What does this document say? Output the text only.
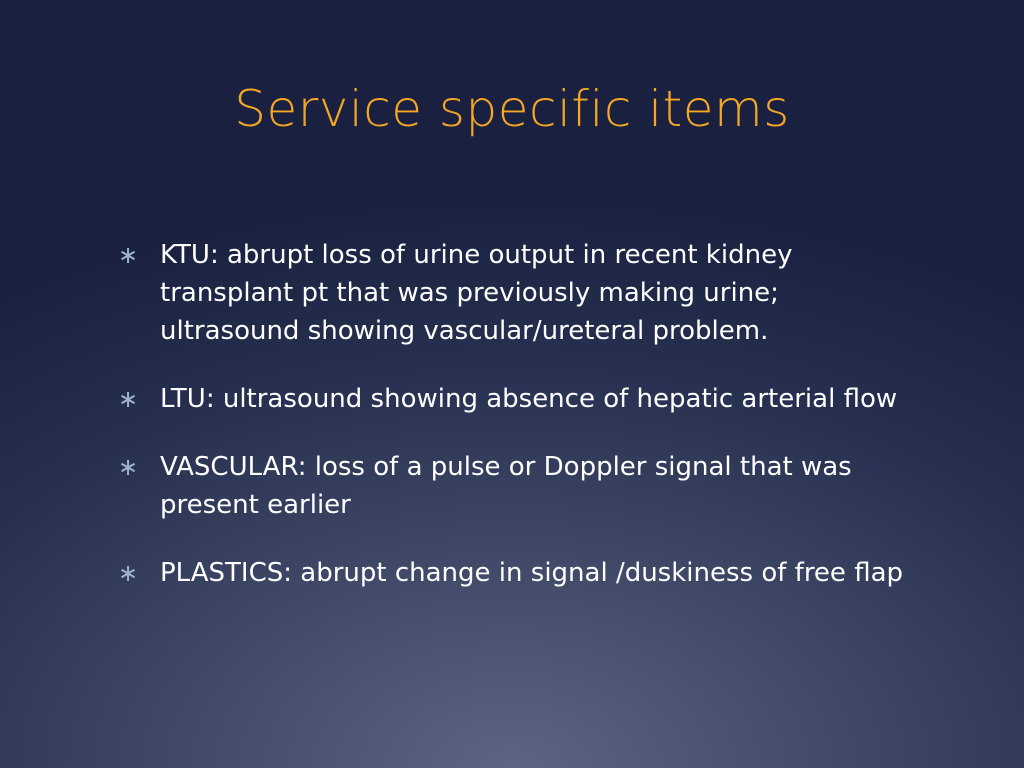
Service specific items
∗ KTU: abrupt loss of urine output in recent kidney transplant pt that was previously making urine; ultrasound showing vascular/ureteral problem.
∗ LTU: ultrasound showing absence of hepatic arterial flow
∗ VASCULAR: loss of a pulse or Doppler signal that was present earlier
∗ PLASTICS: abrupt change in signal /duskiness of free flap
